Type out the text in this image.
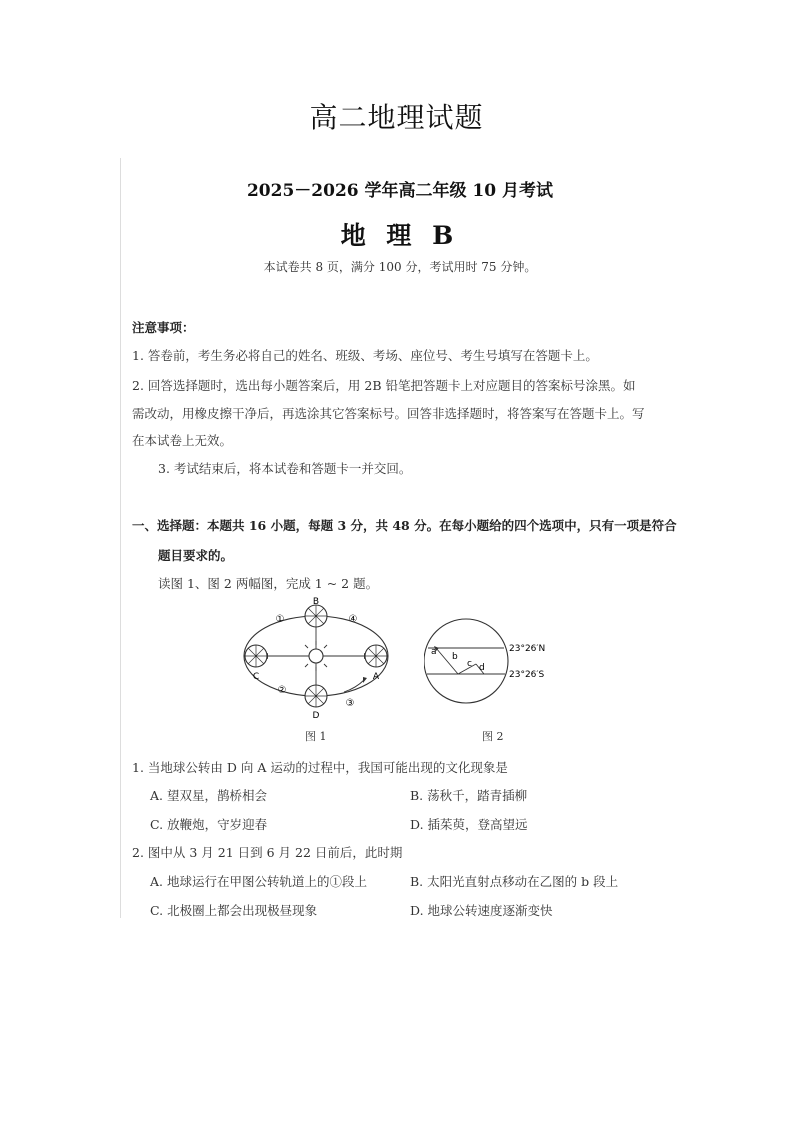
高二地理试题
2025－2026 学年高二年级 10 月考试
地 理 B
本试卷共 8 页，满分 100 分，考试用时 75 分钟。
注意事项：
1. 答卷前，考生务必将自己的姓名、班级、考场、座位号、考生号填写在答题卡上。
2. 回答选择题时，选出每小题答案后，用 2B 铅笔把答题卡上对应题目的答案标号涂黑。如
需改动，用橡皮擦干净后，再选涂其它答案标号。回答非选择题时，将答案写在答题卡上。写
在本试卷上无效。
3. 考试结束后，将本试卷和答题卡一并交回。
一、选择题：本题共 16 小题，每题 3 分，共 48 分。在每小题给的四个选项中，只有一项是符合
题目要求的。
读图 1、图 2 两幅图，完成 1 ~ 2 题。
B
D
C	A
①	④
②
③
图 1
a b
c d
23°26′N
23°26′S
图 2
1. 当地球公转由 D 向 A 运动的过程中，我国可能出现的文化现象是
A. 望双星，鹊桥相会	B. 荡秋千，踏青插柳
C. 放鞭炮，守岁迎春	D. 插茱萸，登高望远
2. 图中从 3 月 21 日到 6 月 22 日前后，此时期
A. 地球运行在甲图公转轨道上的①段上	B. 太阳光直射点移动在乙图的 b 段上
C. 北极圈上都会出现极昼现象	D. 地球公转速度逐渐变快
